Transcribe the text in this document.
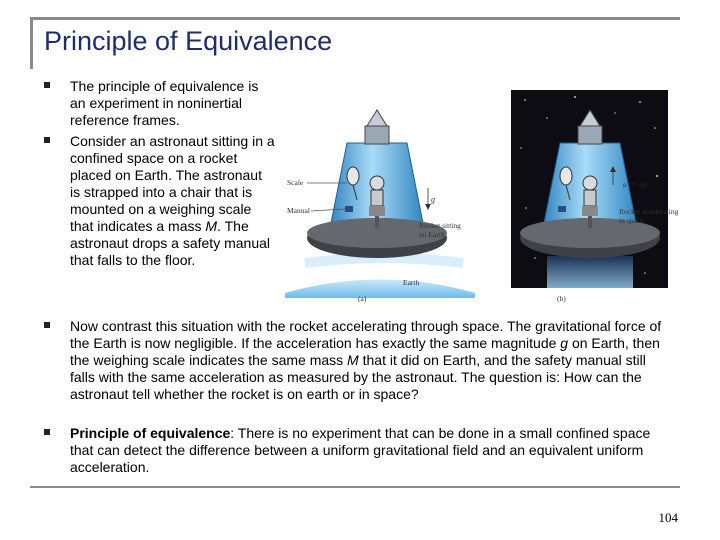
Principle of Equivalence
The principle of equivalence is an experiment in noninertial reference frames.
Consider an astronaut sitting in a confined space on a rocket placed on Earth. The astronaut is strapped into a chair that is mounted on a weighing scale that indicates a mass M. The astronaut drops a safety manual that falls to the floor.
Scale
Manual
g
Rocket sitting
on Earth
Earth
(a)	(b)
a (= -g)
Rocket accelerating
in space
Now contrast this situation with the rocket accelerating through space. The gravitational force of the Earth is now negligible. If the acceleration has exactly the same magnitude g on Earth, then the weighing scale indicates the same mass M that it did on Earth, and the safety manual still falls with the same acceleration as measured by the astronaut. The question is: How can the astronaut tell whether the rocket is on earth or in space?
Principle of equivalence: There is no experiment that can be done in a small confined space that can detect the difference between a uniform gravitational field and an equivalent uniform acceleration.
104
